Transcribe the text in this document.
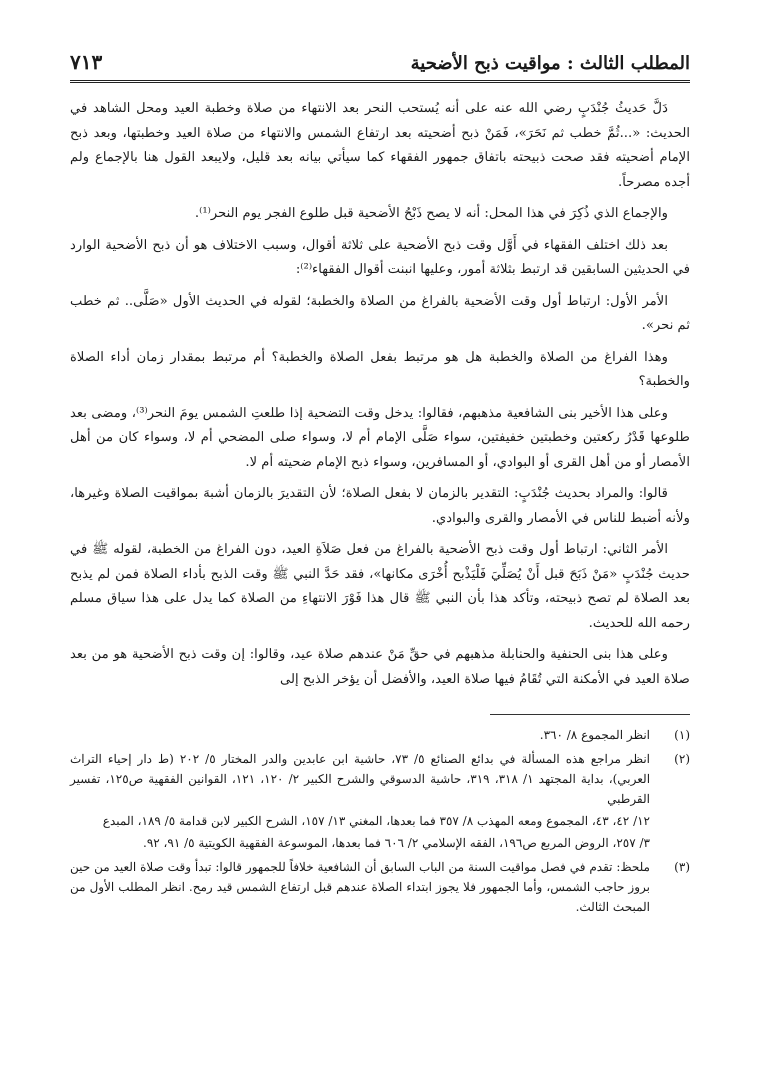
المطلب الثالث : مواقيت ذبح الأضحية
٧١٣

دَلَّ حَديثُ جُنْدَبٍ رضي الله عنه على أنه يُستحب النحر بعد الانتهاء من صلاة وخطبة العيد ومحل الشاهد في الحديث: «...ثُمَّ خطب ثم نَحَرَ»، فَمَنْ ذبح أضحيته بعد ارتفاع الشمس والانتهاء من صلاة العيد وخطبتها، وبعد ذبح الإمام أضحيته فقد صحت ذبيحته باتفاق جمهور الفقهاء كما سيأتي بيانه بعد قليل، ولايبعد القول هنا بالإجماع ولم أجده مصرحاً.

والإجماع الذي ذُكِرَ في هذا المحل: أنه لا يصح ذَبْحُ الأضحية قبل طلوع الفجر يوم النحر⁽¹⁾.

بعد ذلك اختلف الفقهاء في أَوَّل وقت ذبح الأضحية على ثلاثة أقوال، وسبب الاختلاف هو أن ذبح الأضحية الوارد في الحديثين السابقين قد ارتبط بثلاثة أمور، وعليها انبنت أقوال الفقهاء⁽²⁾:

الأمر الأول: ارتباط أول وقت الأضحية بالفراغ من الصلاة والخطبة؛ لقوله في الحديث الأول «صَلَّى.. ثم خطب ثم نحر».

وهذا الفراغ من الصلاة والخطبة هل هو مرتبط بفعل الصلاة والخطبة؟ أم مرتبط بمقدار زمان أداء الصلاة والخطبة؟

وعلى هذا الأخير بنى الشافعية مذهبهم، فقالوا: يدخل وقت التضحية إذا طلعتِ الشمس يومَ النحر⁽³⁾، ومضى بعد طلوعها قَدْرُ ركعتين وخطبتين خفيفتين، سواء صَلَّى الإمام أم لا، وسواء صلى المضحي أم لا، وسواء كان من أهل الأمصار أو من أهل القرى أو البوادي، أو المسافرين، وسواء ذبح الإمام ضحيته أم لا.

قالوا: والمراد بحديث جُنْدَبٍ: التقدير بالزمان لا بفعل الصلاة؛ لأن التقديرَ بالزمان أشبهَ بمواقيت الصلاة وغيرها، ولأنه أضبط للناس في الأمصار والقرى والبوادي.

الأمر الثاني: ارتباط أول وقت ذبح الأضحية بالفراغ من فعل صَلاَةِ العيد، دون الفراغ من الخطبة، لقوله ﷺ في حديث جُنْدَبٍ «مَنْ ذَبَحَ قبل أَنْ يُصَلِّيَ فَلْيَذْبح أُخْرَى مكانها»، فقد حَدَّ النبي ﷺ وقت الذبح بأداء الصلاة فمن لم يذبح بعد الصلاة لم تصح ذبيحته، وتأكد هذا بأن النبي ﷺ قال هذا فَوْرَ الانتهاءِ من الصلاة كما يدل على هذا سياق مسلم رحمه الله للحديث.

وعلى هذا بنى الحنفية والحنابلة مذهبهم في حقِّ مَنْ عندهم صلاة عيد، وقالوا: إن وقت ذبح الأضحية هو من بعد صلاة العيد في الأمكنة التي تُقَامُ فيها صلاة العيد، والأفضل أن يؤخر الذبح إلى

(١)
انظر المجموع ٨/ ٣٦٠.
(٢)
انظر مراجع هذه المسألة في بدائع الصنائع ٥/ ٧٣، حاشية ابن عابدين والدر المختار ٥/ ٢٠٢ (ط دار إحياء التراث العربي)، بداية المجتهد ١/ ٣١٨، ٣١٩، حاشية الدسوقي والشرح الكبير ٢/ ١٢٠، ١٢١، القوانين الفقهية ص١٢٥، تفسير القرطبي
١٢/ ٤٢، ٤٣، المجموع ومعه المهذب ٨/ ٣٥٧ فما بعدها، المغني ١٣/ ١٥٧، الشرح الكبير لابن قدامة ٥/ ١٨٩، المبدع
٣/ ٢٥٧، الروض المربع ص١٩٦، الفقه الإسلامي ٢/ ٦٠٦ فما بعدها، الموسوعة الفقهية الكويتية ٥/ ٩١، ٩٢.
(٣)
ملحظ: تقدم في فصل مواقيت السنة من الباب السابق أن الشافعية خلافاً للجمهور قالوا: تبدأ وقت صلاة العيد من حين بروز حاجب الشمس، وأما الجمهور فلا يجوز ابتداء الصلاة عندهم قبل ارتفاع الشمس قيد رمح. انظر المطلب الأول من المبحث الثالث.
